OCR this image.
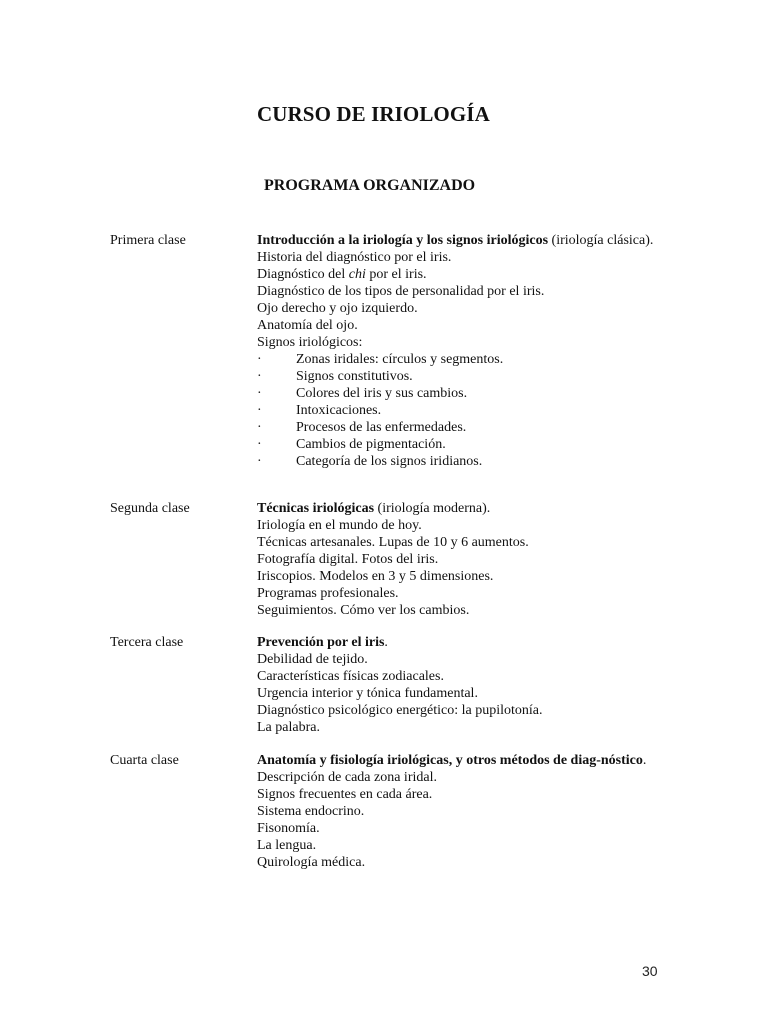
CURSO DE IRIOLOGÍA
PROGRAMA ORGANIZADO
Primera clase	Introducción a la iriología y los signos iriológicos (iriología clásica).
Historia del diagnóstico por el iris.
Diagnóstico del chi por el iris.
Diagnóstico de los tipos de personalidad por el iris.
Ojo derecho y ojo izquierdo.
Anatomía del ojo.
Signos iriológicos:
·	Zonas iridales: círculos y segmentos.
·	Signos constitutivos.
·	Colores del iris y sus cambios.
·	Intoxicaciones.
·	Procesos de las enfermedades.
·	Cambios de pigmentación.
·	Categoría de los signos iridianos.
Segunda clase	Técnicas iriológicas (iriología moderna).
Iriología en el mundo de hoy.
Técnicas artesanales. Lupas de 10 y 6 aumentos.
Fotografía digital. Fotos del iris.
Iriscopios. Modelos en 3 y 5 dimensiones.
Programas profesionales.
Seguimientos. Cómo ver los cambios.
Tercera clase	Prevención por el iris.
Debilidad de tejido.
Características físicas zodiacales.
Urgencia interior y tónica fundamental.
Diagnóstico psicológico energético: la pupilotonía.
La palabra.
Cuarta clase	Anatomía y fisiología iriológicas, y otros métodos de diag-nóstico.
Descripción de cada zona iridal.
Signos frecuentes en cada área.
Sistema endocrino.
Fisonomía.
La lengua.
Quirología médica.
30
